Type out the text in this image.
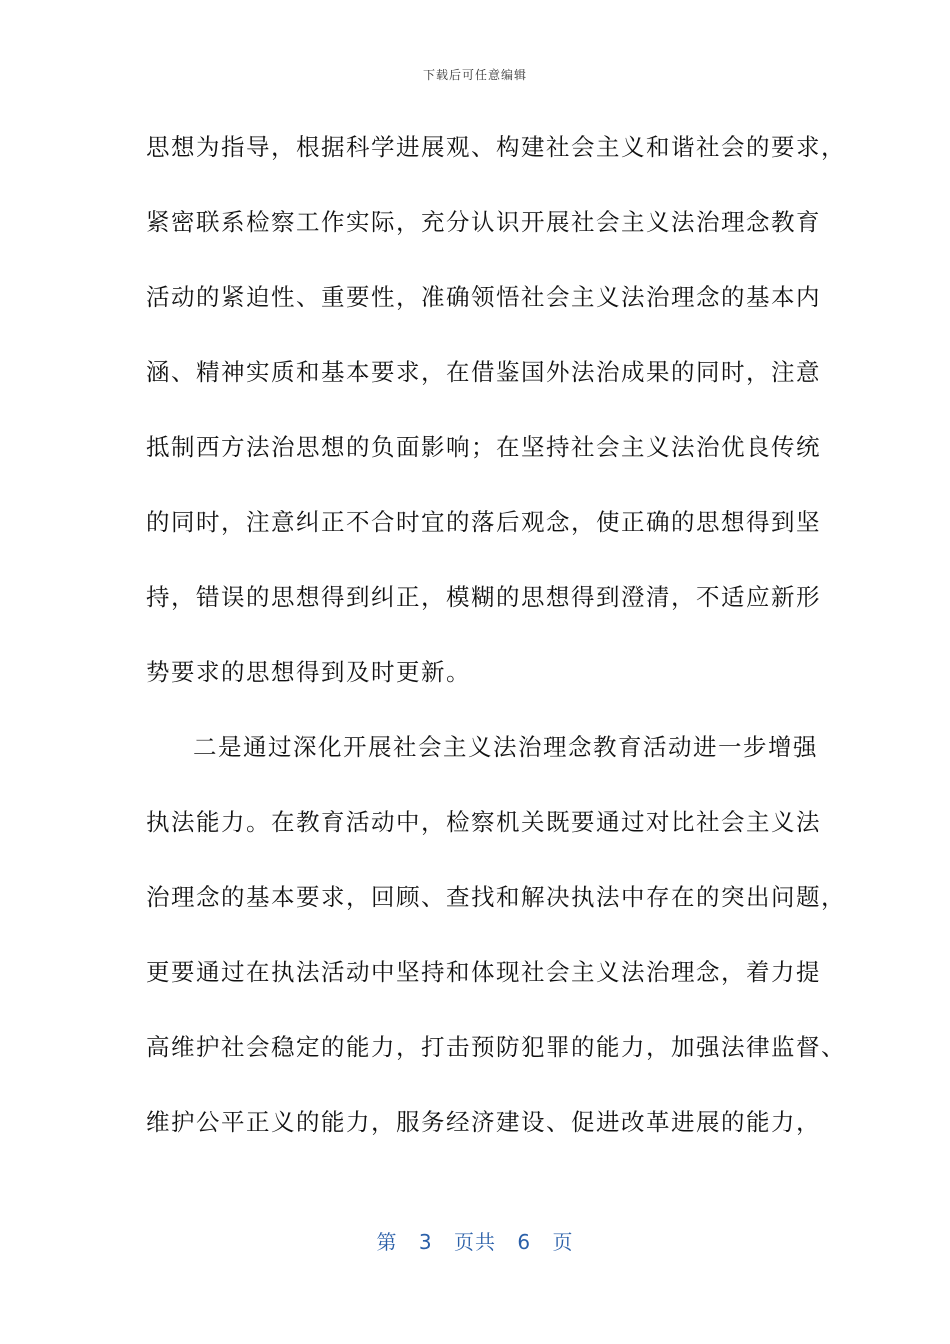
下载后可任意编辑
思想为指导，根据科学进展观、构建社会主义和谐社会的要求，
紧密联系检察工作实际，充分认识开展社会主义法治理念教育
活动的紧迫性、重要性，准确领悟社会主义法治理念的基本内
涵、精神实质和基本要求，在借鉴国外法治成果的同时，注意
抵制西方法治思想的负面影响；在坚持社会主义法治优良传统
的同时，注意纠正不合时宜的落后观念，使正确的思想得到坚
持，错误的思想得到纠正，模糊的思想得到澄清，不适应新形
势要求的思想得到及时更新。
二是通过深化开展社会主义法治理念教育活动进一步增强
执法能力。在教育活动中，检察机关既要通过对比社会主义法
治理念的基本要求，回顾、查找和解决执法中存在的突出问题，
更要通过在执法活动中坚持和体现社会主义法治理念，着力提
高维护社会稳定的能力，打击预防犯罪的能力，加强法律监督、
维护公平正义的能力，服务经济建设、促进改革进展的能力，
第 3 页共 6 页
